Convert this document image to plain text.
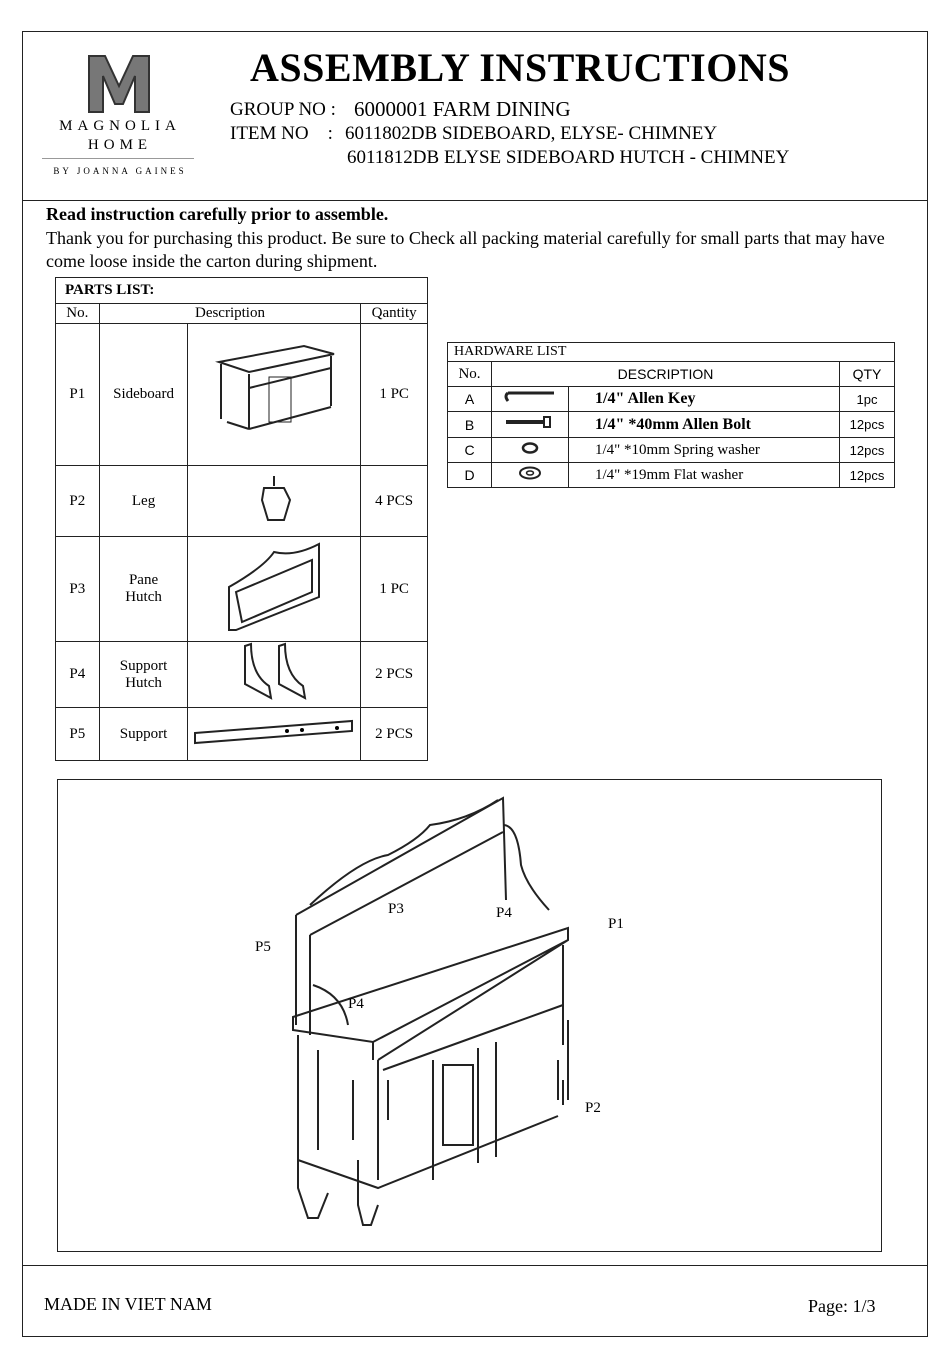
MAGNOLIA
HOME
BY JOANNA GAINES
ASSEMBLY INSTRUCTIONS
GROUP NO : 6000001 FARM DINING
ITEM NO    : 6011802DB SIDEBOARD, ELYSE- CHIMNEY
6011812DB ELYSE SIDEBOARD HUTCH - CHIMNEY
Read instruction carefully prior to assemble.
Thank you for purchasing this product. Be sure to Check all packing material carefully for small parts that may have come loose inside the carton during shipment.
PARTS LIST:			
No.	Description		Qantity
P1	Sideboard		1 PC
P2	Leg		4 PCS
P3	Pane Hutch		1 PC
P4	Support Hutch		2 PCS
P5	Support		2 PCS
HARDWARE LIST			
No.	DESCRIPTION		QTY
A		1/4" Allen Key	1pc
B		1/4" *40mm Allen Bolt	12pcs
C		1/4" *10mm Spring washer	12pcs
D		1/4" *19mm Flat washer	12pcs
P3	P4
P1
P5
P4
P2
MADE IN VIET NAM	Page: 1/3
